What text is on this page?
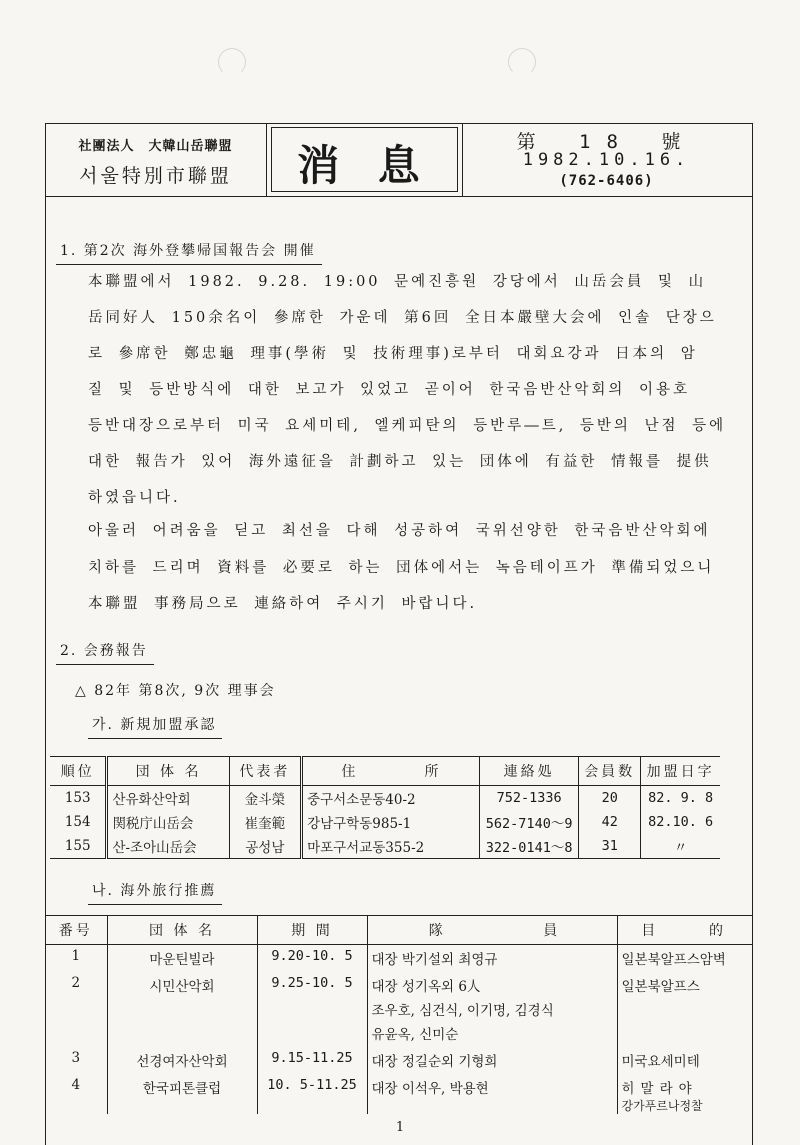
社團法人　大韓山岳聯盟
서울特別市聯盟	消 息	第 18 號
1982.10.16.
(762-6406)
1. 第2次 海外登攀帰国報告会 開催
本聯盟에서 1982. 9.28. 19:00 문예진흥원 강당에서 山岳会員 및 山
岳同好人 150余名이 參席한 가운데 第6回 全日本嚴壁大会에 인솔 단장으
로 參席한 鄭忠龜 理事(學術 및 技術理事)로부터 대회요강과 日本의 암
질 및 등반방식에 대한 보고가 있었고 곧이어 한국음반산악회의 이용호
등반대장으로부터 미국 요세미테, 엘케피탄의 등반루―트, 등반의 난점 등에
대한 報告가 있어 海外遠征을 計劃하고 있는 団体에 有益한 情報를 提供
하였읍니다.
아울러 어려움을 딛고 최선을 다해 성공하여 국위선양한 한국음반산악회에
치하를 드리며 資料를 必要로 하는 団体에서는 녹음테이프가 準備되었으니
本聯盟 事務局으로 連絡하여 주시기 바랍니다.
2. 会務報告
△ 82年 第8次, 9次 理事会
가. 新規加盟承認
順位	団 体 名	代表者	住	所	連絡処	会員数	加盟日字
153	산유화산악회	金斗榮	중구서소문동40-2		752-1336	20	82. 9. 8
154	関税庁山岳会	崔奎範	강남구학동985-1		562-7140～9	42	82.10. 6
155	산-조아山岳会	공성남	마포구서교동355-2		322-0141～8	31	〃
나. 海外旅行推薦
番号	団 体 名	期 間	隊	員	目	的
1	마운틴빌라	9.20-10. 5	대장 박기설외 최영규		일본북알프스암벽	
2	시민산악회	9.25-10. 5	대장 성기옥외 6人
조우호, 심건식, 이기명, 김경식
유윤옥, 신미순		일본북알프스	
3	선경여자산악회	9.15-11.25	대장 정길순외 기형희		미국요세미테	
4	한국피톤클럽	10. 5-11.25	대장 이석우, 박용현		히말라야
강가푸르나정찰	
1
